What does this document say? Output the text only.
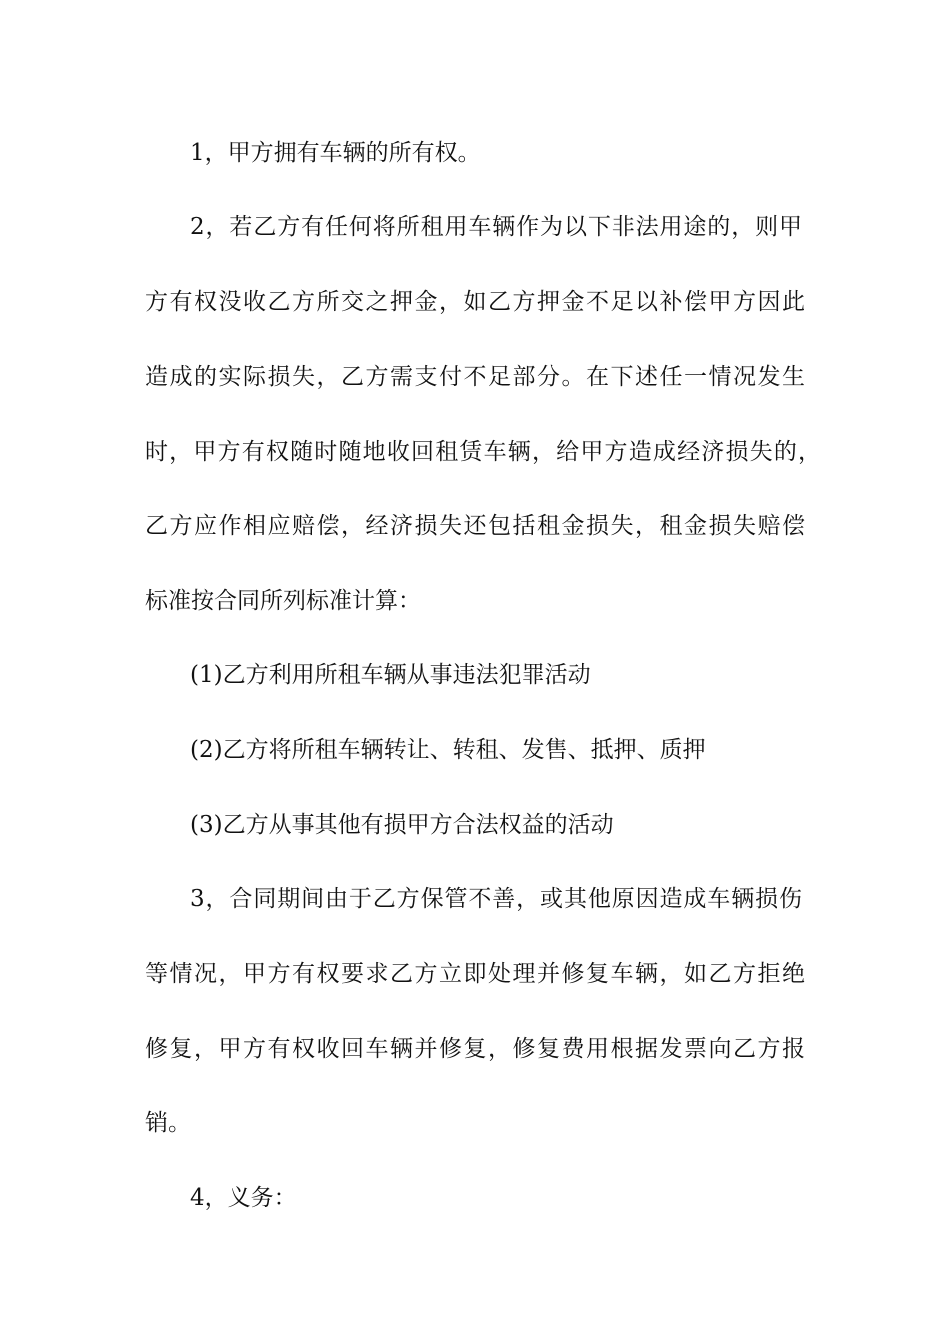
1，甲方拥有车辆的所有权。

2，若乙方有任何将所租用车辆作为以下非法用途的，则甲

方有权没收乙方所交之押金，如乙方押金不足以补偿甲方因此

造成的实际损失，乙方需支付不足部分。在下述任一情况发生

时，甲方有权随时随地收回租赁车辆，给甲方造成经济损失的，

乙方应作相应赔偿，经济损失还包括租金损失，租金损失赔偿

标准按合同所列标准计算：

(1)乙方利用所租车辆从事违法犯罪活动

(2)乙方将所租车辆转让、转租、发售、抵押、质押

(3)乙方从事其他有损甲方合法权益的活动

3，合同期间由于乙方保管不善，或其他原因造成车辆损伤

等情况，甲方有权要求乙方立即处理并修复车辆，如乙方拒绝

修复，甲方有权收回车辆并修复，修复费用根据发票向乙方报

销。

4，义务：
